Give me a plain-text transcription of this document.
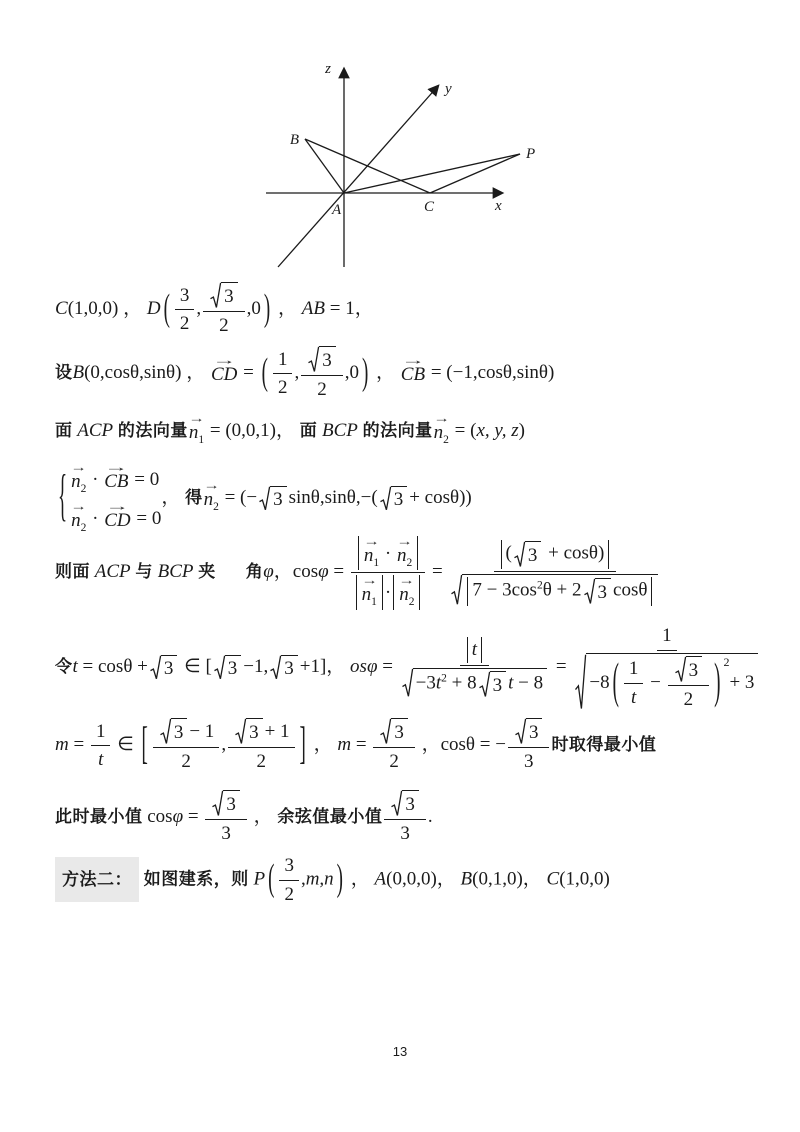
z
y
x
B
A	C
P
C(1,0,0) ， D ( $\frac{3}{2}$ , $\frac{3}{2} ,0$ ) ， AB = 1，
设B(0,cosθ,sinθ) ，
→
CD = ( $\frac{1}{2}$ , $\frac{3}{2} ,0$ ) ，
→
CB = (−1,cosθ,sinθ)
面 ACP 的法向量
→
$n_1 = (0,0,1)$， 面 BCP 的法向量
→
$n_2 = (x$, y, z)
{ →
$n_2$ ·
→
CB = 0
→
$n_2$ ·
→
CD = 0
， 得
→
$n_2$ = (− 3 sinθ,sinθ,−( 3 + cosθ))
则面 ACP 与 BCP 夹 角φ，cosφ = →
$n_1$ ·
→
$n_2$
→
$n_1$ ·
→
$n_2 = \frac{( 3 + \cos\theta)}{7 - 3\cos^2\theta + 2 3 \cos\theta}$
令t = cosθ + 3 ∈ [ 3 −1, 3 +1]， $os\varphi = \frac{t}{-3t^2 + 8 3 t - 8} = \frac{1}{-8 ( \frac{1}{t} - \frac{3}{2} ) ^2+ 3}$
$m = \frac{1}{t}$ ∈ [ $\frac{3 - 1}{2}$ , $\frac{3 + 1}{2}$ ] ， $m = \frac{3}{2}$ ，cosθ = − $\frac{3}{3}$ 时取得最小值
此时最小值 $\cos\varphi = \frac{3}{3}$ ， 余弦值最小值 $\frac{3}{3}$ .
方法二： 如图建系，则 P ( $\frac{3}{2} ,m,n$ ) ， A(0,0,0)， B(0,1,0)， C(1,0,0)
13
